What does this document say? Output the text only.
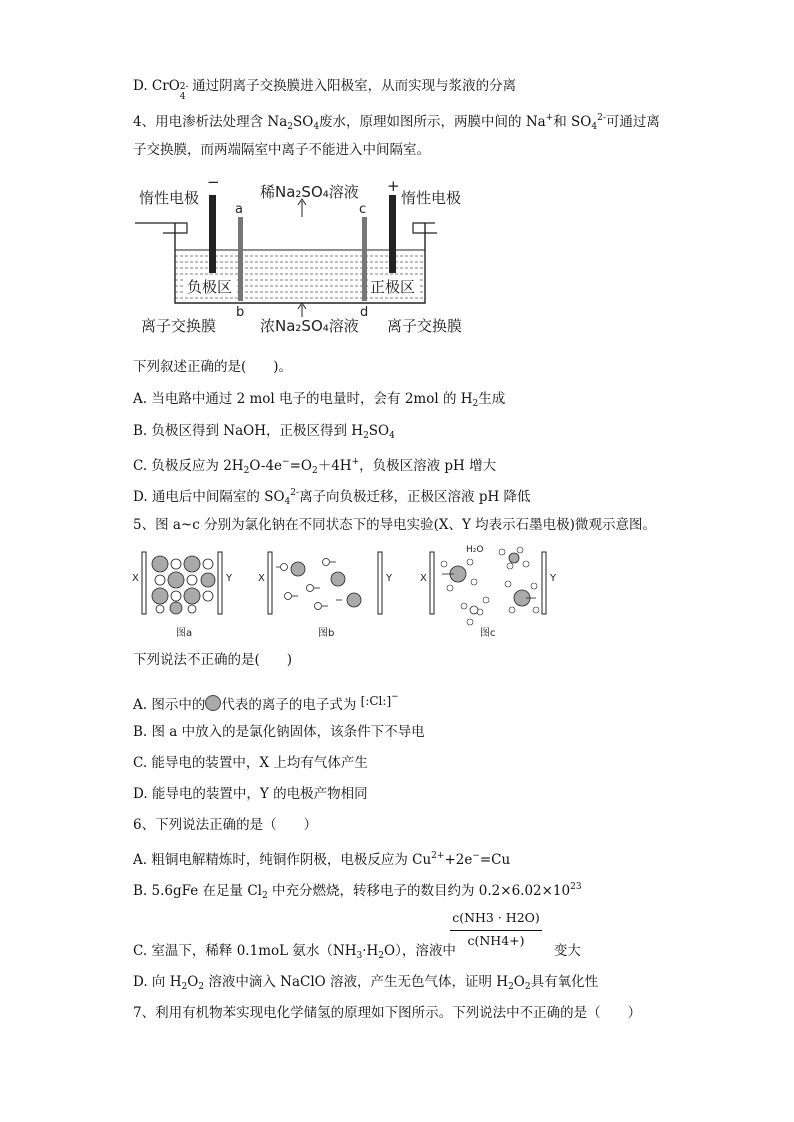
D. CrO 2-
4
通过阴离子交换膜进入阳极室，从而实现与浆液的分离
4、用电渗析法处理含 $Na_2SO_4$废水，原理如图所示，两膜中间的 Na+和 $SO_4^{2-}$可通过离
子交换膜，而两端隔室中离子不能进入中间隔室。
惰性电极	惰性电极
−	+
稀Na₂SO₄溶液
浓Na₂SO₄溶液
a	c
b	d
负极区	正极区
离子交换膜	离子交换膜
下列叙述正确的是(　　)。
A. 当电路中通过 2 mol 电子的电量时，会有 2mol 的 $H_2$生成
B. 负极区得到 NaOH，正极区得到 $H_2SO_4$
C. 负极反应为 $2H_2O-4e^-=O_2+4H^+$，负极区溶液 pH 增大
D. 通电后中间隔室的 $SO_4^{2-}$离子向负极迁移，正极区溶液 pH 降低
5、图 a~c 分别为氯化钠在不同状态下的导电实验(X、Y 均表示石墨电极)微观示意图。
X	Y
图a
X	Y
图b
X	Y
H₂O
图c
下列说法不正确的是(　　)
A. 图示中的 代表的离子的电子式为 [:Cl:]−
B. 图 a 中放入的是氯化钠固体，该条件下不导电
C. 能导电的装置中，X 上均有气体产生
D. 能导电的装置中，Y 的电极产物相同
6、下列说法正确的是（　　）
A. 粗铜电解精炼时，纯铜作阴极，电极反应为 $Cu^{2+}+2e^-=Cu$
B. 5.6gFe 在足量 $Cl_2$ 中充分燃烧，转移电子的数目约为 $0.2\times 6.02\times 10^{23}$
c(NH3 · H2O)
c(NH4+)
C. 室温下，稀释 0.1moL 氨水$(NH_3\cdot H_2O)$，溶液中	变大
D. 向 $H_2O_2$ 溶液中滴入 NaClO 溶液，产生无色气体，证明 $H_2O_2$具有氧化性
7、利用有机物苯实现电化学储氢的原理如下图所示。下列说法中不正确的是（　　）
